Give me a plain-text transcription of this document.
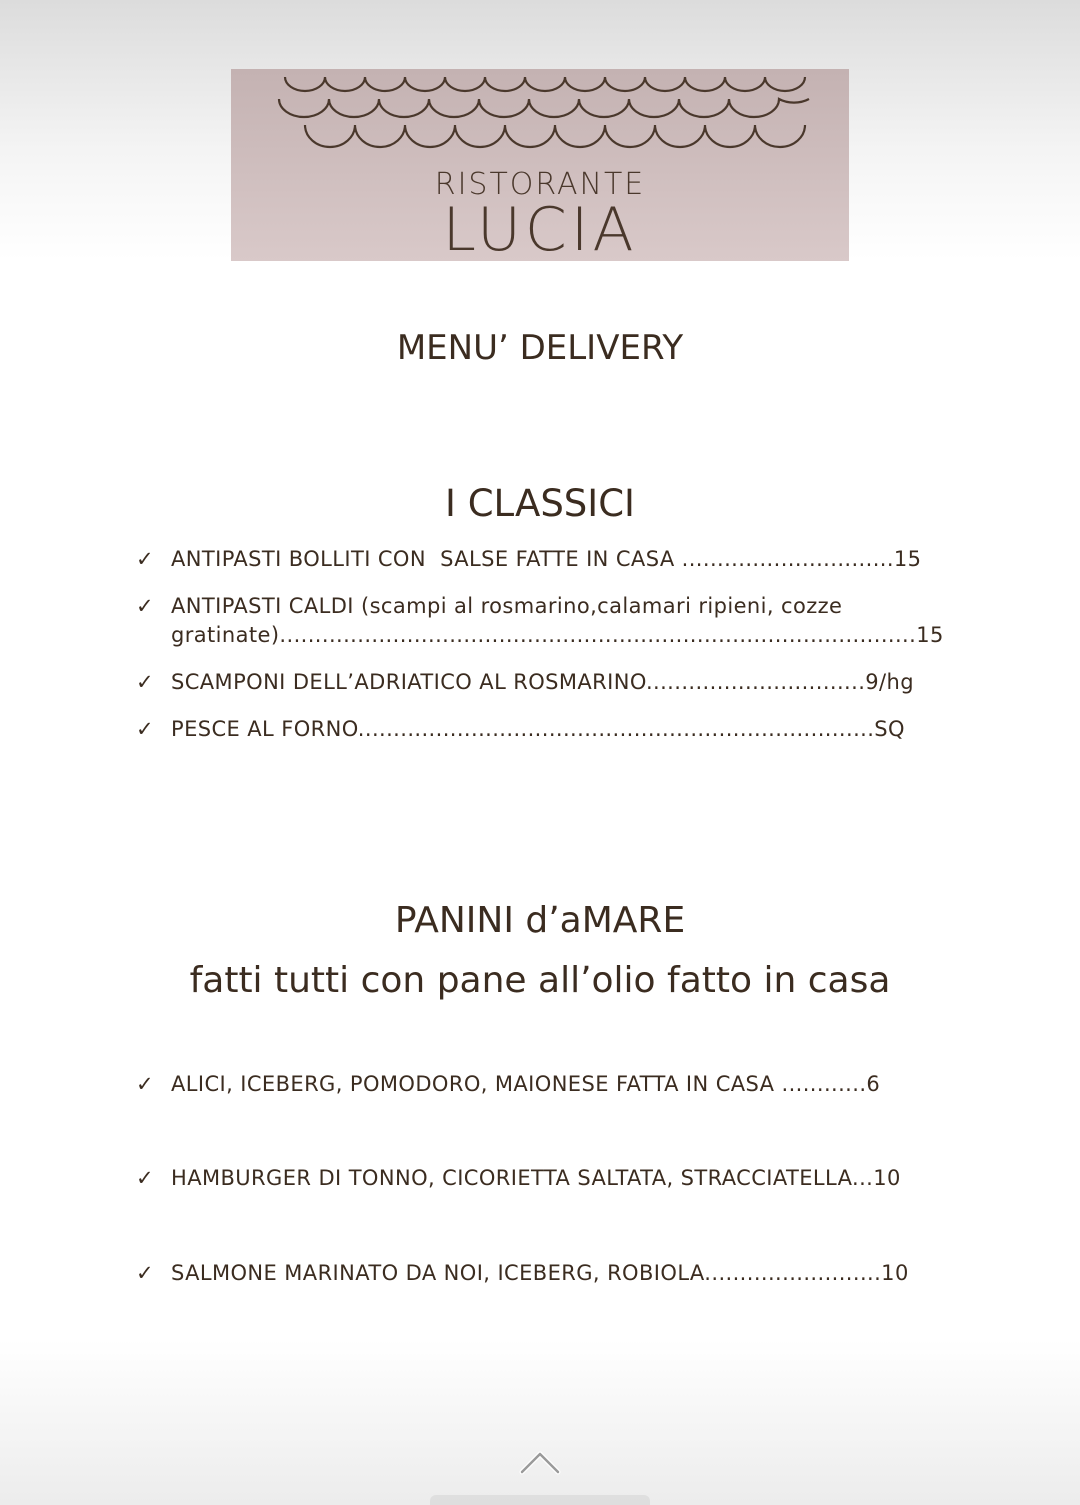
RISTORANTE
LUCIA
MENU’ DELIVERY
I CLASSICI
✓ ANTIPASTI BOLLITI CON  SALSE FATTE IN CASA ..............................15
✓ ANTIPASTI CALDI (scampi al rosmarino,calamari ripieni, cozze
gratinate)..........................................................................................15
✓ SCAMPONI DELL’ADRIATICO AL ROSMARINO...............................9/hg
✓ PESCE AL FORNO.........................................................................SQ
PANINI d’aMARE
fatti tutti con pane all’olio fatto in casa
✓ ALICI, ICEBERG, POMODORO, MAIONESE FATTA IN CASA ............6
✓ HAMBURGER DI TONNO, CICORIETTA SALTATA, STRACCIATELLA...10
✓ SALMONE MARINATO DA NOI, ICEBERG, ROBIOLA.........................10
